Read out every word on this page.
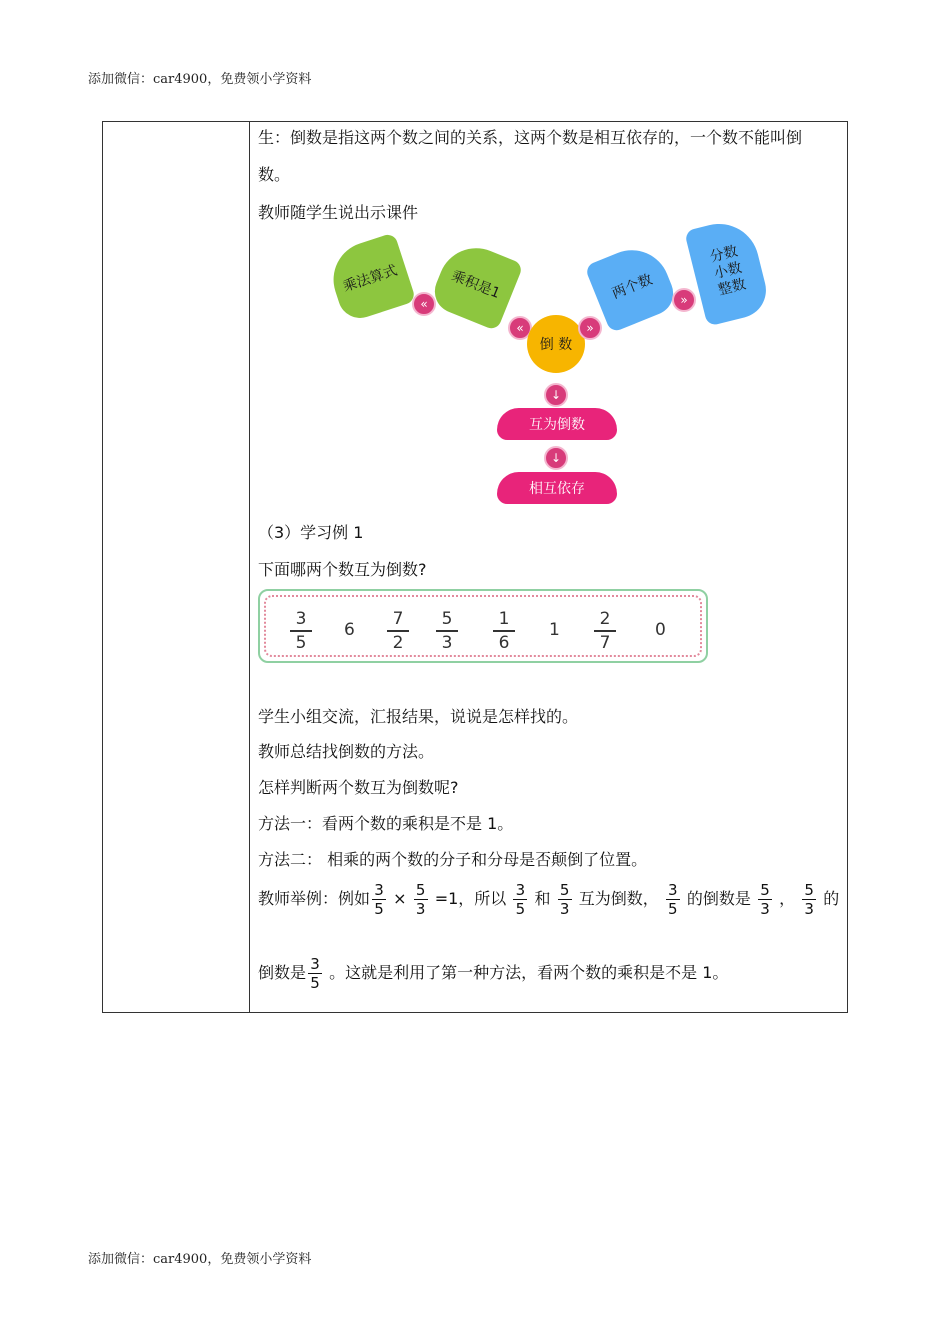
添加微信：car4900，免费领小学资料
生：倒数是指这两个数之间的关系，这两个数是相互依存的，一个数不能叫倒
数。
教师随学生说出示课件
乘法算式
«
乘积是1
«
倒 数
»
两个数	»
分数
小数
整数
↓
互为倒数
↓
相互依存
（3）学习例 1
下面哪两个数互为倒数?
3
5
6
7
2
5
3
1
6
1
2
7
0
学生小组交流，汇报结果，说说是怎样找的。
教师总结找倒数的方法。
怎样判断两个数互为倒数呢?
方法一：看两个数的乘积是不是 1。
方法二： 相乘的两个数的分子和分母是否颠倒了位置。
教师举例：例如 $\frac{3}{5} \times \frac{5}{3} =1$，所以 $\frac{3}{5}$ 和 $\frac{5}{3}$ 互为倒数， $\frac{3}{5}$ 的倒数是 $\frac{5}{3}$ ， $\frac{5}{3}$ 的
倒数是 $\frac{3}{5}$ 。这就是利用了第一种方法，看两个数的乘积是不是 1。
添加微信：car4900，免费领小学资料
